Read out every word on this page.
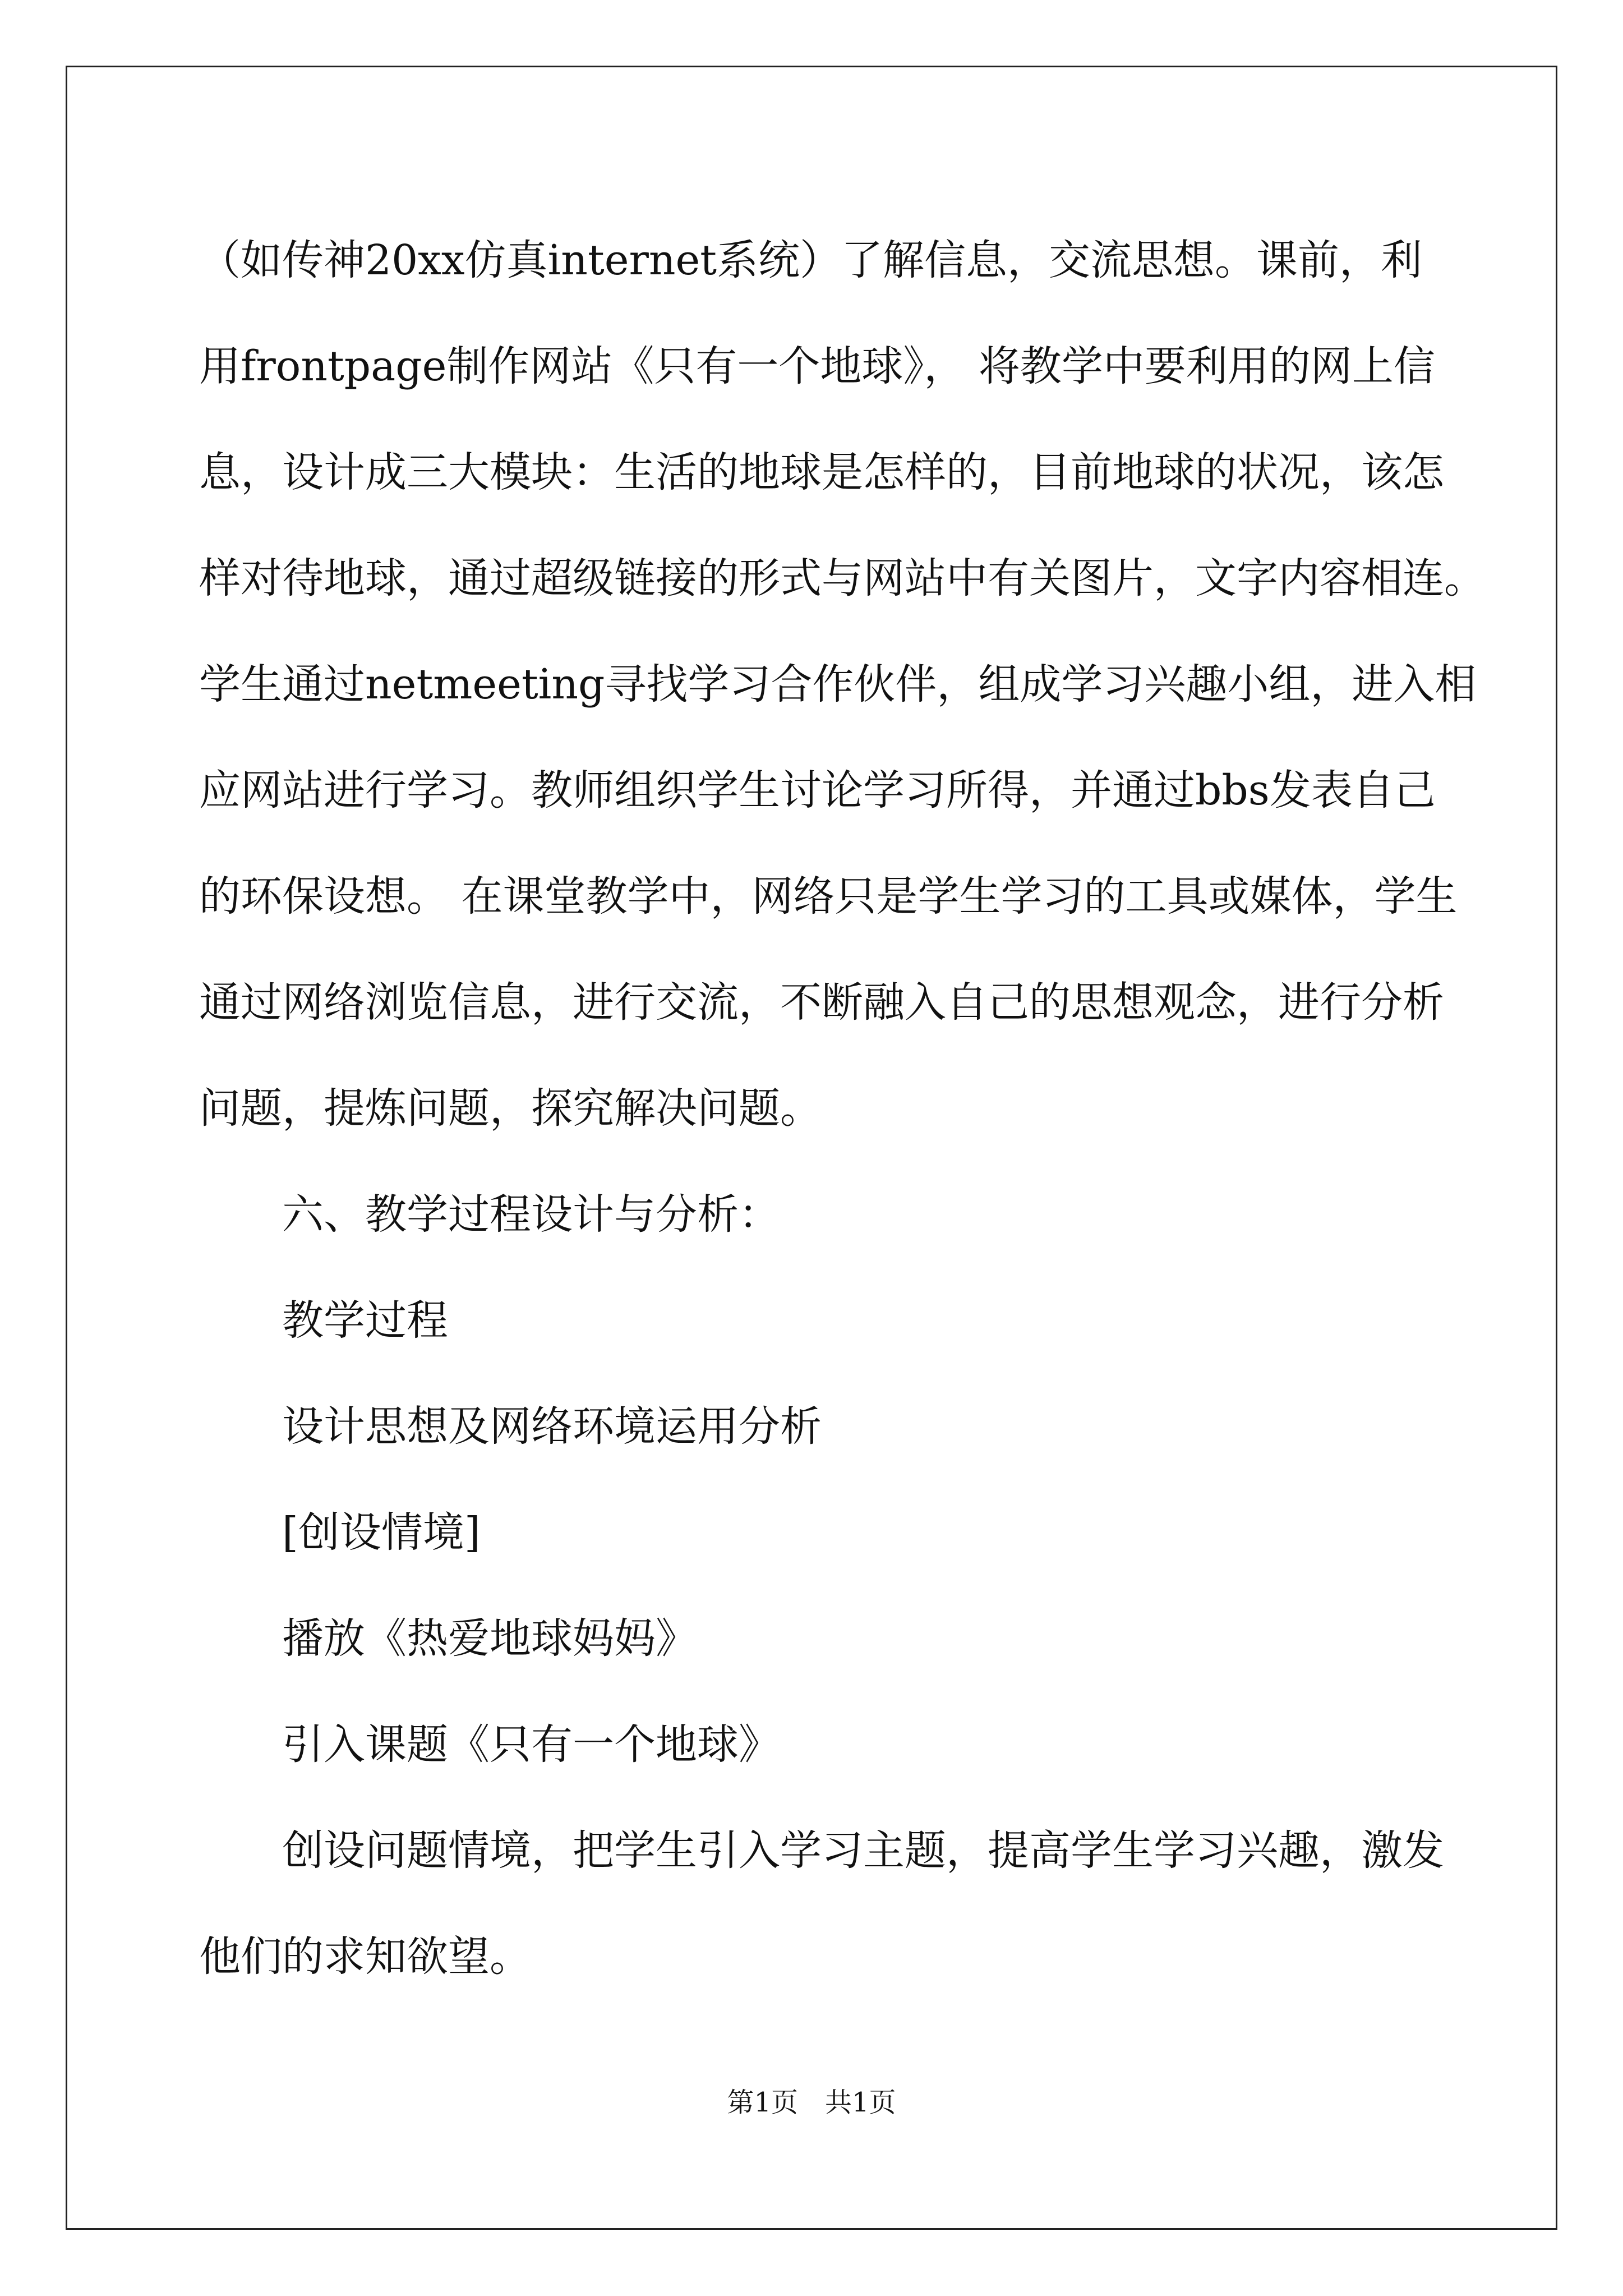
（如传神20xx仿真internet系统）了解信息，交流思想。课前，利

用frontpage制作网站《只有一个地球》， 将教学中要利用的网上信

息，设计成三大模块：生活的地球是怎样的，目前地球的状况，该怎

样对待地球，通过超级链接的形式与网站中有关图片，文字内容相连。

学生通过netmeeting寻找学习合作伙伴，组成学习兴趣小组，进入相

应网站进行学习。教师组织学生讨论学习所得，并通过bbs发表自己

的环保设想。 在课堂教学中，网络只是学生学习的工具或媒体，学生

通过网络浏览信息，进行交流，不断融入自己的思想观念，进行分析

问题，提炼问题，探究解决问题。

六、教学过程设计与分析：

教学过程

设计思想及网络环境运用分析

[创设情境]

播放《热爱地球妈妈》

引入课题《只有一个地球》

创设问题情境，把学生引入学习主题，提高学生学习兴趣，激发

他们的求知欲望。

第1页　共1页
